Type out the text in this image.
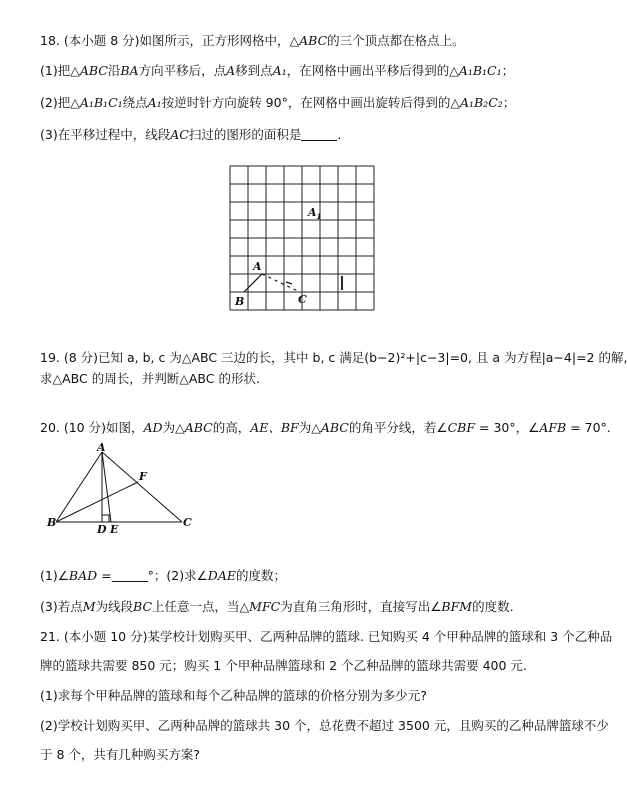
18. (本小题 8 分)如图所示，正方形网格中，△ABC的三个顶点都在格点上。
(1)把△ABC沿BA方向平移后，点A移到点A₁，在网格中画出平移后得到的△A₁B₁C₁；
(2)把△A₁B₁C₁绕点A₁按逆时针方向旋转 90°，在网格中画出旋转后得到的△A₁B₂C₂；
(3)在平移过程中，线段AC扫过的图形的面积是	.
$A_1$
A
B	C
19. (8 分)已知 a, b, c 为△ABC 三边的长，其中 b, c 满足(b−2)²+|c−3|=0, 且 a 为方程|a−4|=2 的解,
求△ABC 的周长，并判断△ABC 的形状.
20. (10 分)如图，AD为△ABC的高，AE、BF为△ABC的角平分线，若∠CBF = 30°，∠AFB = 70°.
A
B	C
D E
F
(1)∠BAD =	°；(2)求∠DAE的度数；
(3)若点M为线段BC上任意一点，当△MFC为直角三角形时，直接写出∠BFM的度数.
21. (本小题 10 分)某学校计划购买甲、乙两种品牌的篮球. 已知购买 4 个甲种品牌的篮球和 3 个乙种品
牌的篮球共需要 850 元；购买 1 个甲种品牌篮球和 2 个乙种品牌的篮球共需要 400 元.
(1)求每个甲种品牌的篮球和每个乙种品牌的篮球的价格分别为多少元?
(2)学校计划购买甲、乙两种品牌的篮球共 30 个，总花费不超过 3500 元，且购买的乙种品牌篮球不少
于 8 个，共有几种购买方案?
